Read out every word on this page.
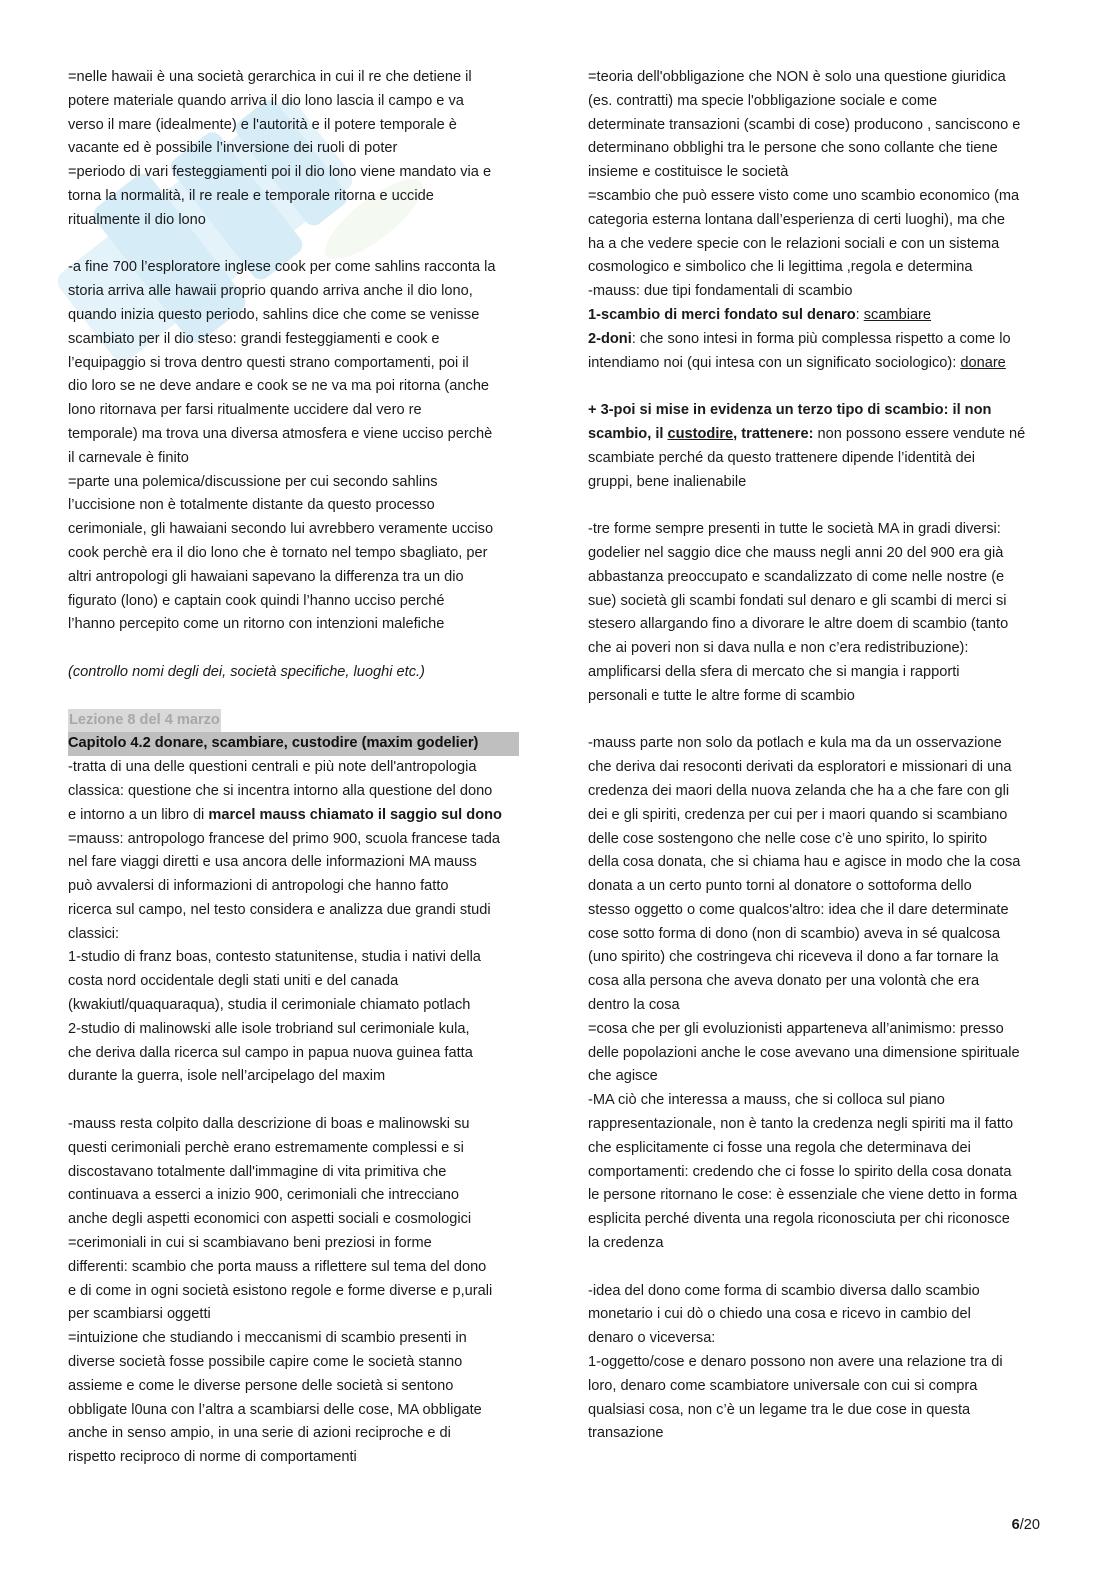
=nelle hawaii è una società gerarchica in cui il re che detiene il

potere materiale quando arriva il dio lono lascia il campo e va

verso il mare (idealmente) e l'autorità e il potere temporale è

vacante ed è possibile l’inversione dei ruoli di poter

=periodo di vari festeggiamenti poi il dio lono viene mandato via e

torna la normalità, il re reale e temporale ritorna e uccide

ritualmente il dio lono

-a fine 700 l’esploratore inglese cook per come sahlins racconta la

storia arriva alle hawaii proprio quando arriva anche il dio lono,

quando inizia questo periodo, sahlins dice che come se venisse

scambiato per il dio steso: grandi festeggiamenti e cook e

l’equipaggio si trova dentro questi strano comportamenti, poi il

dio loro se ne deve andare e cook se ne va ma poi ritorna (anche

lono ritornava per farsi ritualmente uccidere dal vero re

temporale) ma trova una diversa atmosfera e viene ucciso perchè

il carnevale è finito

=parte una polemica/discussione per cui secondo sahlins

l’uccisione non è totalmente distante da questo processo

cerimoniale, gli hawaiani secondo lui avrebbero veramente ucciso

cook perchè era il dio lono che è tornato nel tempo sbagliato, per

altri antropologi gli hawaiani sapevano la differenza tra un dio

figurato (lono) e captain cook quindi l’hanno ucciso perché

l’hanno percepito come un ritorno con intenzioni malefiche

(controllo nomi degli dei, società specifiche, luoghi etc.)

Lezione 8 del 4 marzo

Capitolo 4.2 donare, scambiare, custodire (maxim godelier)

-tratta di una delle questioni centrali e più note dell'antropologia

classica: questione che si incentra intorno alla questione del dono

e intorno a un libro di marcel mauss chiamato il saggio sul dono

=mauss: antropologo francese del primo 900, scuola francese tada

nel fare viaggi diretti e usa ancora delle informazioni MA mauss

può avvalersi di informazioni di antropologi che hanno fatto

ricerca sul campo, nel testo considera e analizza due grandi studi

classici:

1-studio di franz boas, contesto statunitense, studia i nativi della

costa nord occidentale degli stati uniti e del canada

(kwakiutl/quaquaraqua), studia il cerimoniale chiamato potlach

2-studio di malinowski alle isole trobriand sul cerimoniale kula,

che deriva dalla ricerca sul campo in papua nuova guinea fatta

durante la guerra, isole nell’arcipelago del maxim

-mauss resta colpito dalla descrizione di boas e malinowski su

questi cerimoniali perchè erano estremamente complessi e si

discostavano totalmente dall'immagine di vita primitiva che

continuava a esserci a inizio 900, cerimoniali che intrecciano

anche degli aspetti economici con aspetti sociali e cosmologici

=cerimoniali in cui si scambiavano beni preziosi in forme

differenti: scambio che porta mauss a riflettere sul tema del dono

e di come in ogni società esistono regole e forme diverse e p,urali

per scambiarsi oggetti

=intuizione che studiando i meccanismi di scambio presenti in

diverse società fosse possibile capire come le società stanno

assieme e come le diverse persone delle società si sentono

obbligate l0una con l’altra a scambiarsi delle cose, MA obbligate

anche in senso ampio, in una serie di azioni reciproche e di

rispetto reciproco di norme di comportamenti

=teoria dell'obbligazione che NON è solo una questione giuridica

(es. contratti) ma specie l'obbligazione sociale e come

determinate transazioni (scambi di cose) producono , sanciscono e

determinano obblighi tra le persone che sono collante che tiene

insieme e costituisce le società

=scambio che può essere visto come uno scambio economico (ma

categoria esterna lontana dall’esperienza di certi luoghi), ma che

ha a che vedere specie con le relazioni sociali e con un sistema

cosmologico e simbolico che li legittima ,regola e determina

-mauss: due tipi fondamentali di scambio

1-scambio di merci fondato sul denaro: scambiare

2-doni: che sono intesi in forma più complessa rispetto a come lo

intendiamo noi (qui intesa con un significato sociologico): donare

+ 3-poi si mise in evidenza un terzo tipo di scambio: il non

scambio, il custodire, trattenere: non possono essere vendute né

scambiate perché da questo trattenere dipende l’identità dei

gruppi, bene inalienabile

-tre forme sempre presenti in tutte le società MA in gradi diversi:

godelier nel saggio dice che mauss negli anni 20 del 900 era già

abbastanza preoccupato e scandalizzato di come nelle nostre (e

sue) società gli scambi fondati sul denaro e gli scambi di merci si

stesero allargando fino a divorare le altre doem di scambio (tanto

che ai poveri non si dava nulla e non c’era redistribuzione):

amplificarsi della sfera di mercato che si mangia i rapporti

personali e tutte le altre forme di scambio

-mauss parte non solo da potlach e kula ma da un osservazione

che deriva dai resoconti derivati da esploratori e missionari di una

credenza dei maori della nuova zelanda che ha a che fare con gli

dei e gli spiriti, credenza per cui per i maori quando si scambiano

delle cose sostengono che nelle cose c’è uno spirito, lo spirito

della cosa donata, che si chiama hau e agisce in modo che la cosa

donata a un certo punto torni al donatore o sottoforma dello

stesso oggetto o come qualcos'altro: idea che il dare determinate

cose sotto forma di dono (non di scambio) aveva in sé qualcosa

(uno spirito) che costringeva chi riceveva il dono a far tornare la

cosa alla persona che aveva donato per una volontà che era

dentro la cosa

=cosa che per gli evoluzionisti apparteneva all’animismo: presso

delle popolazioni anche le cose avevano una dimensione spirituale

che agisce

-MA ciò che interessa a mauss, che si colloca sul piano

rappresentazionale, non è tanto la credenza negli spiriti ma il fatto

che esplicitamente ci fosse una regola che determinava dei

comportamenti: credendo che ci fosse lo spirito della cosa donata

le persone ritornano le cose: è essenziale che viene detto in forma

esplicita perché diventa una regola riconosciuta per chi riconosce

la credenza

-idea del dono come forma di scambio diversa dallo scambio

monetario i cui dò o chiedo una cosa e ricevo in cambio del

denaro o viceversa:

1-oggetto/cose e denaro possono non avere una relazione tra di

loro, denaro come scambiatore universale con cui si compra

qualsiasi cosa, non c’è un legame tra le due cose in questa

transazione

6/20
